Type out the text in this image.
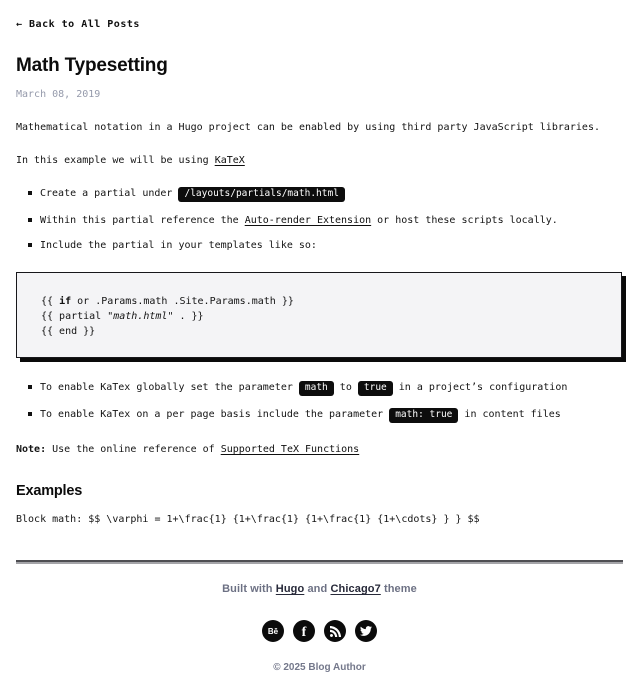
← Back to All Posts
Math Typesetting
March 08, 2019

Mathematical notation in a Hugo project can be enabled by using third party JavaScript libraries.

In this example we will be using KaTeX

Create a partial under /layouts/partials/math.html
Within this partial reference the Auto-render Extension or host these scripts locally.
Include the partial in your templates like so:
{{ if or .Params.math .Site.Params.math }}
{{ partial "math.html" . }}
{{ end }}
To enable KaTex globally set the parameter math to true in a project’s configuration
To enable KaTex on a per page basis include the parameter math: true in content files

Note: Use the online reference of Supported TeX Functions

Examples

Block math: $$ \varphi = 1+\frac{1} {1+\frac{1} {1+\frac{1} {1+\cdots} } } $$

Built with Hugo and Chicago7 theme
Bē f
© 2025 Blog Author
